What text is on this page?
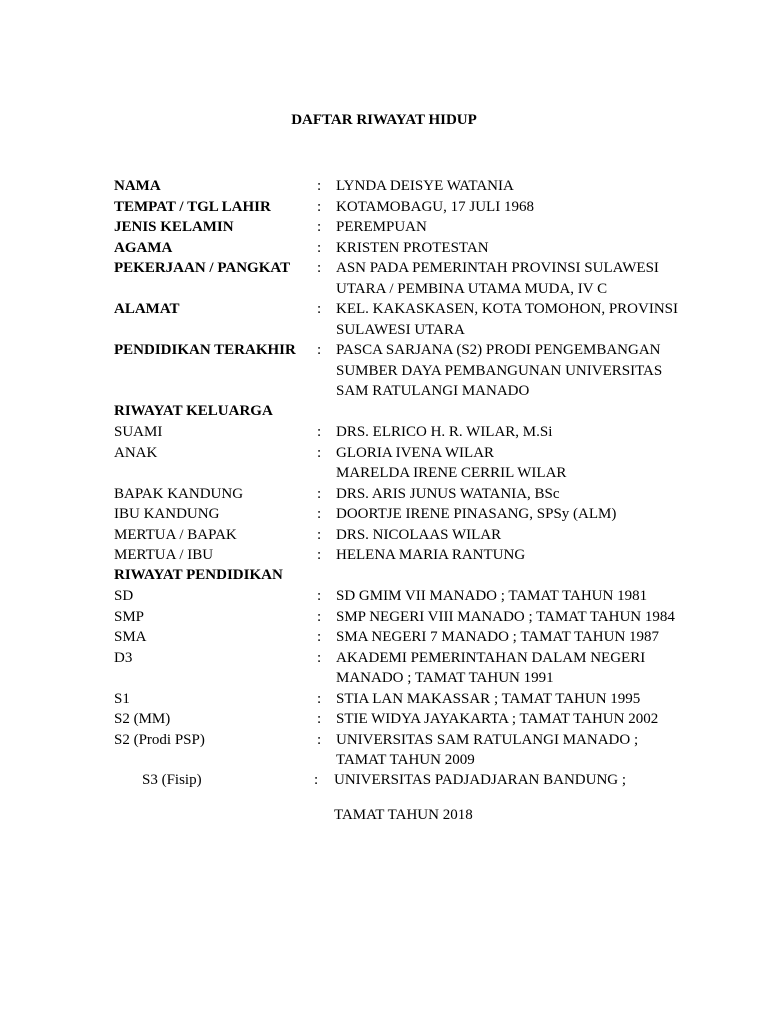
DAFTAR RIWAYAT HIDUP
NAMA	: LYNDA DEISYE WATANIA
TEMPAT / TGL LAHIR	: KOTAMOBAGU, 17 JULI 1968
JENIS KELAMIN	: PEREMPUAN
AGAMA	: KRISTEN PROTESTAN
PEKERJAAN / PANGKAT : ASN PADA PEMERINTAH PROVINSI SULAWESI
UTARA / PEMBINA UTAMA MUDA, IV C
ALAMAT	: KEL. KAKASKASEN, KOTA TOMOHON, PROVINSI
SULAWESI UTARA
PENDIDIKAN TERAKHIR : PASCA SARJANA (S2) PRODI PENGEMBANGAN
SUMBER DAYA PEMBANGUNAN UNIVERSITAS
SAM RATULANGI MANADO
RIWAYAT KELUARGA
SUAMI	: DRS. ELRICO H. R. WILAR, M.Si
ANAK	: GLORIA IVENA WILAR
MARELDA IRENE CERRIL WILAR
BAPAK KANDUNG	: DRS. ARIS JUNUS WATANIA, BSc
IBU KANDUNG	: DOORTJE IRENE PINASANG, SPSy (ALM)
MERTUA / BAPAK	: DRS. NICOLAAS WILAR
MERTUA / IBU	: HELENA MARIA RANTUNG
RIWAYAT PENDIDIKAN
SD	: SD GMIM VII MANADO ; TAMAT TAHUN 1981
SMP	: SMP NEGERI VIII MANADO ; TAMAT TAHUN 1984
SMA	: SMA NEGERI 7 MANADO ; TAMAT TAHUN 1987
D3	: AKADEMI PEMERINTAHAN DALAM NEGERI
MANADO ; TAMAT TAHUN 1991
S1	: STIA LAN MAKASSAR ; TAMAT TAHUN 1995
S2 (MM)	: STIE WIDYA JAYAKARTA ; TAMAT TAHUN 2002
S2 (Prodi PSP)	: UNIVERSITAS SAM RATULANGI MANADO ;
TAMAT TAHUN 2009
S3 (Fisip)	: UNIVERSITAS PADJADJARAN BANDUNG ;
TAMAT TAHUN 2018
